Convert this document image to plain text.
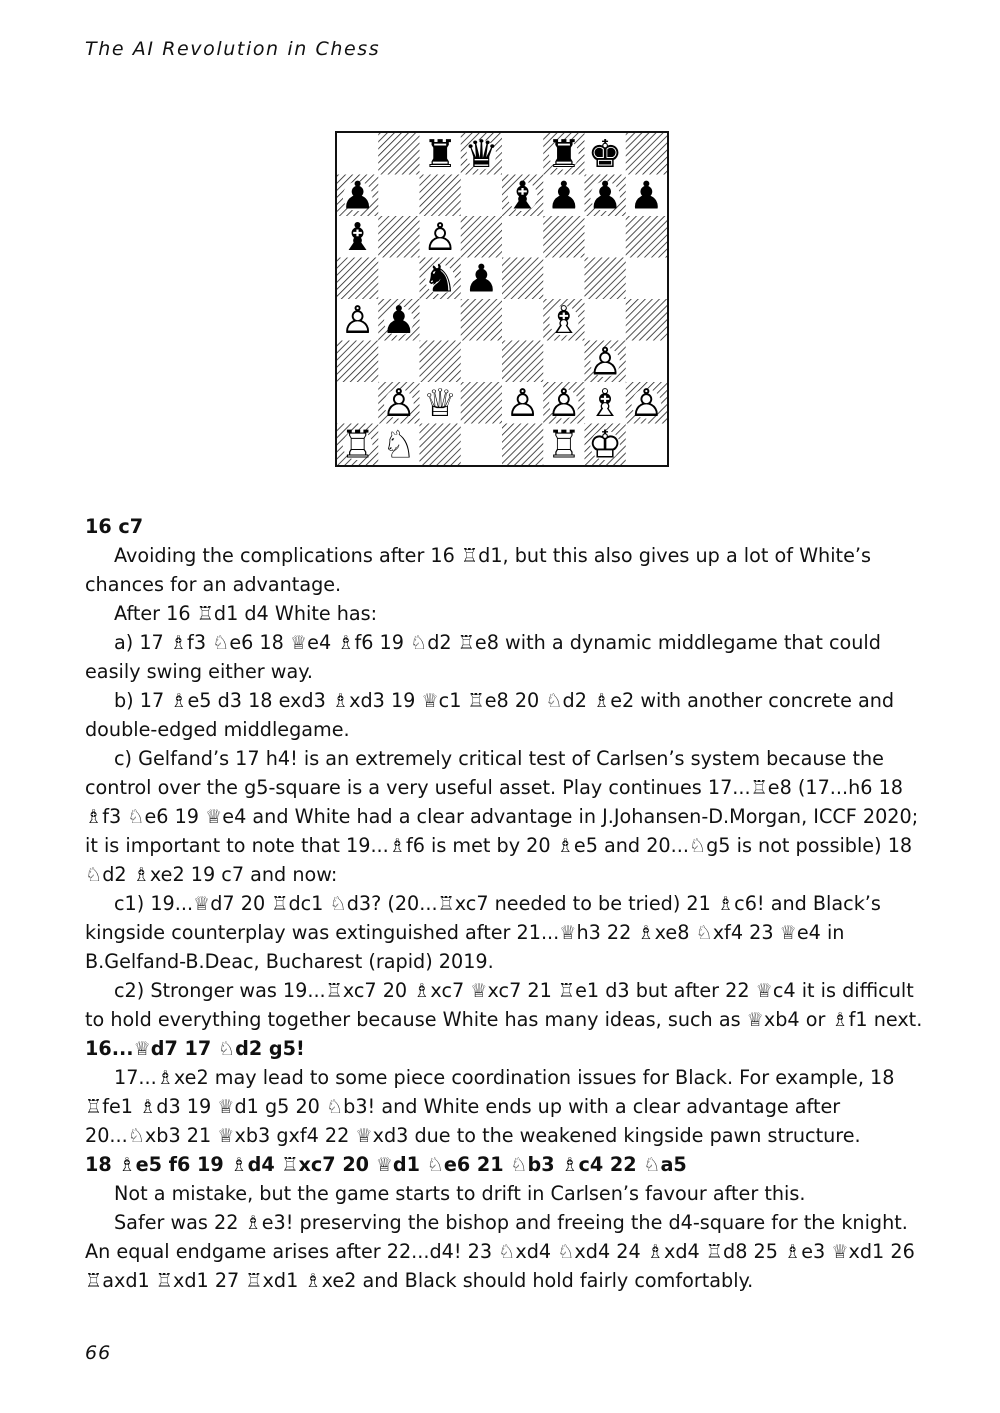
The AI Revolution in Chess
♜ ♛ ♜ ♚
♟	♝ ♟ ♟ ♟
♝ ♙
♞ ♟
♙ ♟	♗
♙
♙ ♕ ♙ ♙ ♗ ♙
♖ ♘	♖ ♔

16 c7

Avoiding the complications after 16 ♖d1, but this also gives up a lot of White’s chances for an advantage.

After 16 ♖d1 d4 White has:

a) 17 ♗f3 ♘e6 18 ♕e4 ♗f6 19 ♘d2 ♖e8 with a dynamic middlegame that could easily swing either way.

b) 17 ♗e5 d3 18 exd3 ♗xd3 19 ♕c1 ♖e8 20 ♘d2 ♗e2 with another concrete and double-edged middlegame.

c) Gelfand’s 17 h4! is an extremely critical test of Carlsen’s system because the control over the g5-square is a very useful asset. Play continues 17...♖e8 (17...h6 18 ♗f3 ♘e6 19 ♕e4 and White had a clear advantage in J.Johansen-D.Morgan, ICCF 2020; it is important to note that 19...♗f6 is met by 20 ♗e5 and 20...♘g5 is not possible) 18 ♘d2 ♗xe2 19 c7 and now:

c1) 19...♕d7 20 ♖dc1 ♘d3? (20...♖xc7 needed to be tried) 21 ♗c6! and Black’s kingside counterplay was extinguished after 21...♕h3 22 ♗xe8 ♘xf4 23 ♕e4 in B.Gelfand-B.Deac, Bucharest (rapid) 2019.

c2) Stronger was 19...♖xc7 20 ♗xc7 ♕xc7 21 ♖e1 d3 but after 22 ♕c4 it is difficult to hold everything together because White has many ideas, such as ♕xb4 or ♗f1 next.

16...♕d7 17 ♘d2 g5!

17...♗xe2 may lead to some piece coordination issues for Black. For example, 18 ♖fe1 ♗d3 19 ♕d1 g5 20 ♘b3! and White ends up with a clear advantage after 20...♘xb3 21 ♕xb3 gxf4 22 ♕xd3 due to the weakened kingside pawn structure.

18 ♗e5 f6 19 ♗d4 ♖xc7 20 ♕d1 ♘e6 21 ♘b3 ♗c4 22 ♘a5

Not a mistake, but the game starts to drift in Carlsen’s favour after this.

Safer was 22 ♗e3! preserving the bishop and freeing the d4-square for the knight. An equal endgame arises after 22...d4! 23 ♘xd4 ♘xd4 24 ♗xd4 ♖d8 25 ♗e3 ♕xd1 26 ♖axd1 ♖xd1 27 ♖xd1 ♗xe2 and Black should hold fairly comfortably.

66
